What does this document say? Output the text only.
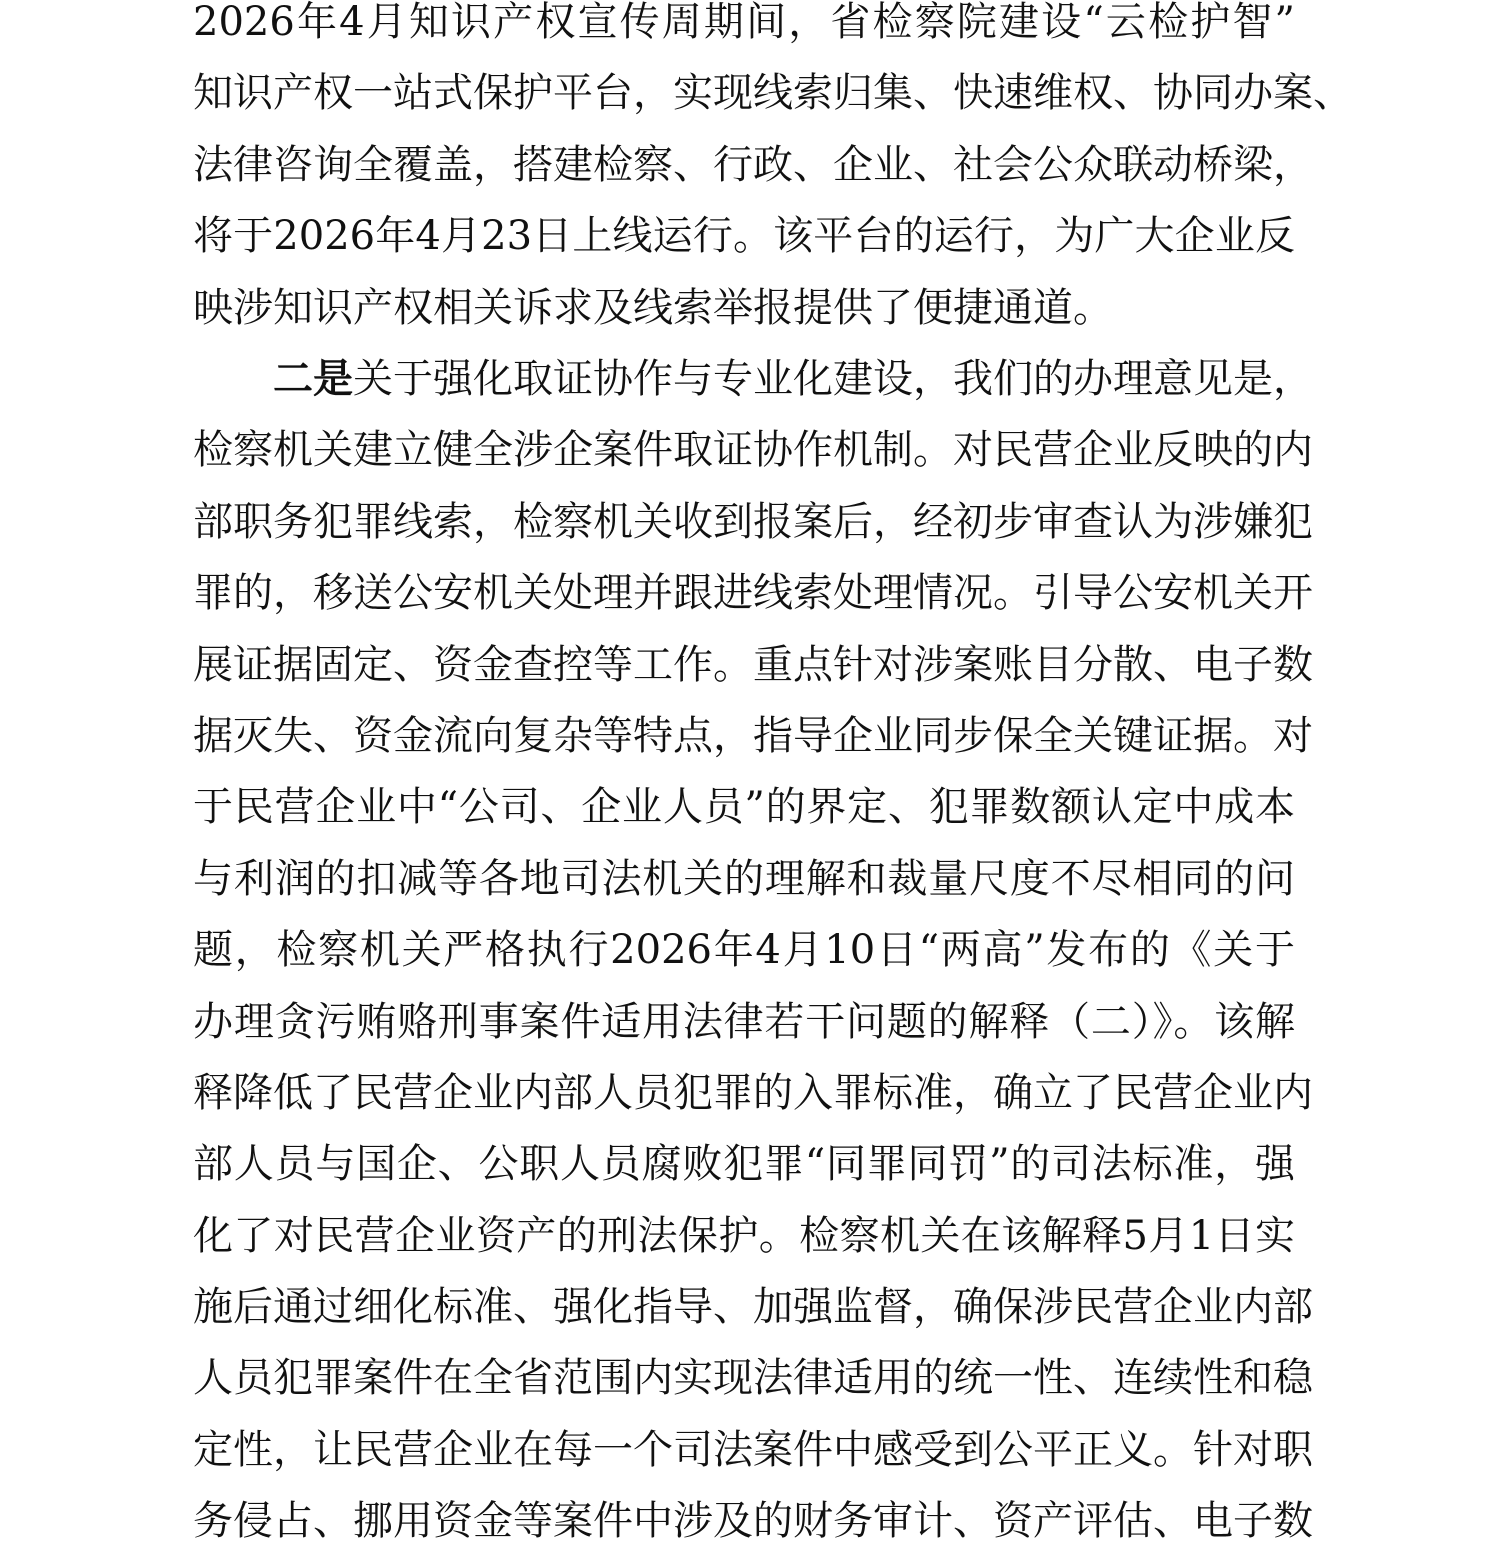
2026年4月知识产权宣传周期间，省检察院建设“云检护智”
知识产权一站式保护平台，实现线索归集、快速维权、协同办案、
法律咨询全覆盖，搭建检察、行政、企业、社会公众联动桥梁，
将于2026年4月23日上线运行。该平台的运行，为广大企业反
映涉知识产权相关诉求及线索举报提供了便捷通道。
二是关于强化取证协作与专业化建设，我们的办理意见是，
检察机关建立健全涉企案件取证协作机制。对民营企业反映的内
部职务犯罪线索，检察机关收到报案后，经初步审查认为涉嫌犯
罪的，移送公安机关处理并跟进线索处理情况。引导公安机关开
展证据固定、资金查控等工作。重点针对涉案账目分散、电子数
据灭失、资金流向复杂等特点，指导企业同步保全关键证据。对
于民营企业中“公司、企业人员”的界定、犯罪数额认定中成本
与利润的扣减等各地司法机关的理解和裁量尺度不尽相同的问
题，检察机关严格执行2026年4月10日“两高”发布的《关于
办理贪污贿赂刑事案件适用法律若干问题的解释（二）》。该解
释降低了民营企业内部人员犯罪的入罪标准，确立了民营企业内
部人员与国企、公职人员腐败犯罪“同罪同罚”的司法标准，强
化了对民营企业资产的刑法保护。检察机关在该解释5月1日实
施后通过细化标准、强化指导、加强监督，确保涉民营企业内部
人员犯罪案件在全省范围内实现法律适用的统一性、连续性和稳
定性，让民营企业在每一个司法案件中感受到公平正义。针对职
务侵占、挪用资金等案件中涉及的财务审计、资产评估、电子数
